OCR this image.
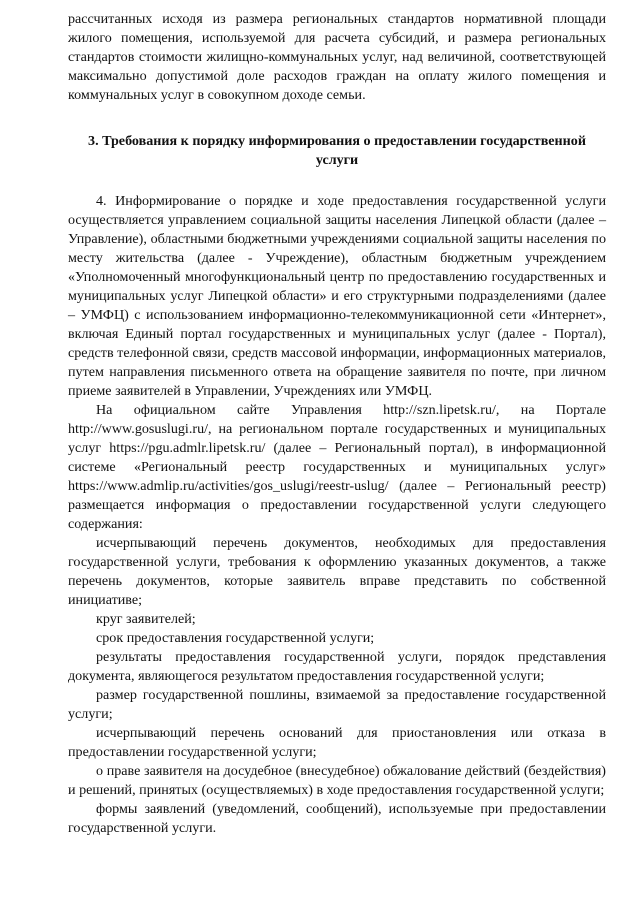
рассчитанных исходя из размера региональных стандартов нормативной площади жилого помещения, используемой для расчета субсидий, и размера региональных стандартов стоимости жилищно-коммунальных услуг, над величиной, соответствующей максимально допустимой доле расходов граждан на оплату жилого помещения и коммунальных услуг в совокупном доходе семьи.

3. Требования к порядку информирования о предоставлении государственной услуги

4. Информирование о порядке и ходе предоставления государственной услуги осуществляется управлением социальной защиты населения Липецкой области (далее – Управление), областными бюджетными учреждениями социальной защиты населения по месту жительства (далее - Учреждение), областным бюджетным учреждением «Уполномоченный многофункциональный центр по предоставлению государственных и муниципальных услуг Липецкой области» и его структурными подразделениями (далее – УМФЦ) с использованием информационно-телекоммуникационной сети «Интернет», включая Единый портал государственных и муниципальных услуг (далее - Портал), средств телефонной связи, средств массовой информации, информационных материалов, путем направления письменного ответа на обращение заявителя по почте, при личном приеме заявителей в Управлении, Учреждениях или УМФЦ.

На официальном сайте Управления http://szn.lipetsk.ru/, на Портале http://www.gosuslugi.ru/, на региональном портале государственных и муниципальных услуг https://pgu.admlr.lipetsk.ru/ (далее – Региональный портал), в информационной системе «Региональный реестр государственных и муниципальных услуг» https://www.admlip.ru/activities/gos_uslugi/reestr-uslug/ (далее – Региональный реестр) размещается информация о предоставлении государственной услуги следующего содержания:

исчерпывающий перечень документов, необходимых для предоставления государственной услуги, требования к оформлению указанных документов, а также перечень документов, которые заявитель вправе представить по собственной инициативе;

круг заявителей;

срок предоставления государственной услуги;

результаты предоставления государственной услуги, порядок представления документа, являющегося результатом предоставления государственной услуги;

размер государственной пошлины, взимаемой за предоставление государственной услуги;

исчерпывающий перечень оснований для приостановления или отказа в предоставлении государственной услуги;

о праве заявителя на досудебное (внесудебное) обжалование действий (бездействия) и решений, принятых (осуществляемых) в ходе предоставления государственной услуги;

формы заявлений (уведомлений, сообщений), используемые при предоставлении государственной услуги.
